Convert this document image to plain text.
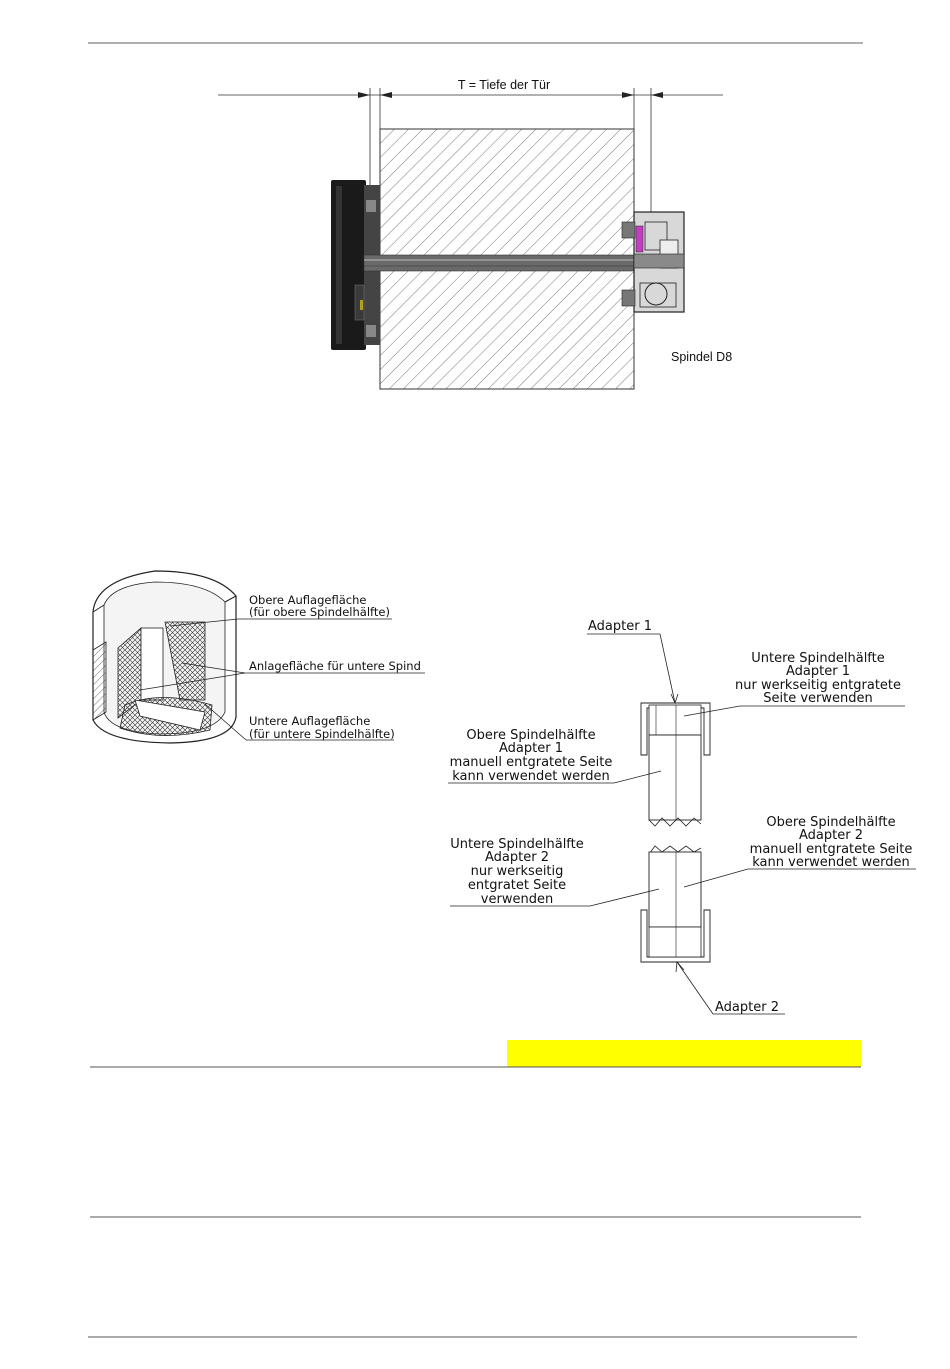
T = Tiefe der Tür
Spindel D8
Obere Auflagefläche
(für obere Spindelhälfte)
Anlagefläche für untere Spind
Untere Auflagefläche
(für untere Spindelhälfte)
Adapter 1
Adapter 2
Untere Spindelhälfte
Adapter 1
nur werkseitig entgratete
Seite verwenden
Obere Spindelhälfte
Adapter 1
manuell entgratete Seite
kann verwendet werden
Obere Spindelhälfte
Adapter 2
manuell entgratete Seite
kann verwendet werden
Untere Spindelhälfte
Adapter 2
nur werkseitig
entgratet Seite
verwenden
